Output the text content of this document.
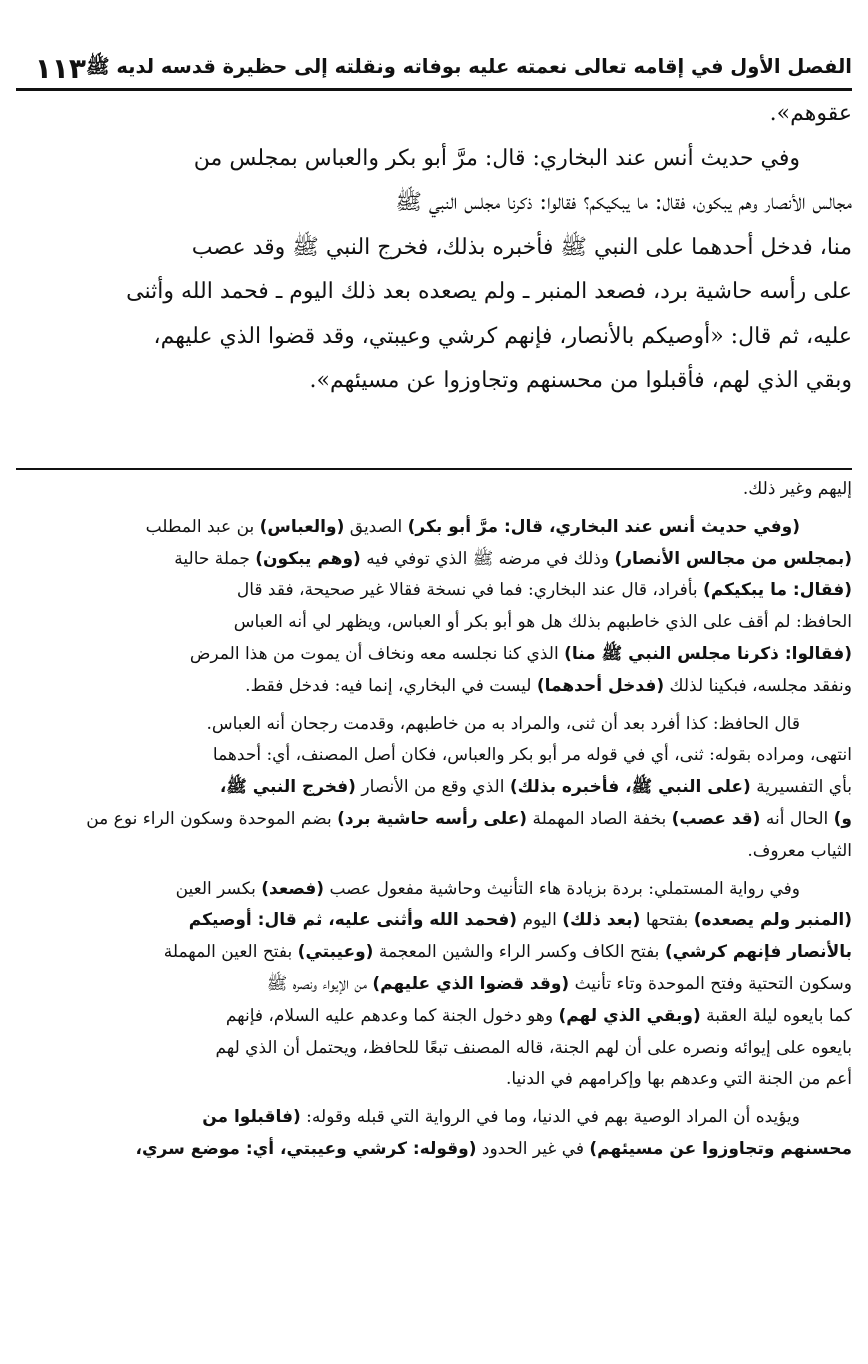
الفصل الأول في إقامه تعالى نعمته عليه بوفاته ونقلته إلى حظيرة قدسه لديه ﷺ
١١٣

عقوهم».

وفي حديث أنس عند البخاري: قال: مرَّ أبو بكر والعباس بمجلس من

مجالس الأنصار وهم يبكون، فقال: ما يبكيكم؟ فقالوا: ذكرنا مجلس النبي ﷺ

منا، فدخل أحدهما على النبي ﷺ فأخبره بذلك، فخرج النبي ﷺ وقد عصب

على رأسه حاشية برد، فصعد المنبر ـ ولم يصعده بعد ذلك اليوم ـ فحمد الله وأثنى

عليه، ثم قال: «أوصيكم بالأنصار، فإنهم كرشي وعيبتي، وقد قضوا الذي عليهم،

وبقي الذي لهم، فأقبلوا من محسنهم وتجاوزوا عن مسيئهم».

إليهم وغير ذلك.

(وفي حديث أنس عند البخاري، قال: مرَّ أبو بكر) الصديق (والعباس) بن عبد المطلب

(بمجلس من مجالس الأنصار) وذلك في مرضه ﷺ الذي توفي فيه (وهم يبكون) جملة حالية

(فقال: ما يبكيكم) بأفراد، قال عند البخاري: فما في نسخة فقالا غير صحيحة، فقد قال

الحافظ: لم أقف على الذي خاطبهم بذلك هل هو أبو بكر أو العباس، ويظهر لي أنه العباس

(فقالوا: ذكرنا مجلس النبي ﷺ منا) الذي كنا نجلسه معه ونخاف أن يموت من هذا المرض

ونفقد مجلسه، فبكينا لذلك (فدخل أحدهما) ليست في البخاري، إنما فيه: فدخل فقط.

قال الحافظ: كذا أفرد بعد أن ثنى، والمراد به من خاطبهم، وقدمت رجحان أنه العباس.

انتهى، ومراده بقوله: ثنى، أي في قوله مر أبو بكر والعباس، فكان أصل المصنف، أي: أحدهما

بأي التفسيرية (على النبي ﷺ، فأخبره بذلك) الذي وقع من الأنصار (فخرج النبي ﷺ،

و) الحال أنه (قد عصب) بخفة الصاد المهملة (على رأسه حاشية برد) بضم الموحدة وسكون الراء نوع من

الثياب معروف.

وفي رواية المستملي: بردة بزيادة هاء التأنيث وحاشية مفعول عصب (فصعد) بكسر العين

(المنبر ولم يصعده) بفتحها (بعد ذلك) اليوم (فحمد الله وأثنى عليه، ثم قال: أوصيكم

بالأنصار فإنهم كرشي) بفتح الكاف وكسر الراء والشين المعجمة (وعيبتي) بفتح العين المهملة

وسكون التحتية وفتح الموحدة وتاء تأنيث (وقد قضوا الذي عليهم) من الإيواء ونصره ﷺ

كما بايعوه ليلة العقبة (وبقي الذي لهم) وهو دخول الجنة كما وعدهم عليه السلام، فإنهم

بايعوه على إيوائه ونصره على أن لهم الجنة، قاله المصنف تبعًا للحافظ، ويحتمل أن الذي لهم

أعم من الجنة التي وعدهم بها وإكرامهم في الدنيا.

ويؤيده أن المراد الوصية بهم في الدنيا، وما في الرواية التي قبله وقوله: (فاقبلوا من

محسنهم وتجاوزوا عن مسيئهم) في غير الحدود (وقوله: كرشي وعيبتي، أي: موضع سري،
